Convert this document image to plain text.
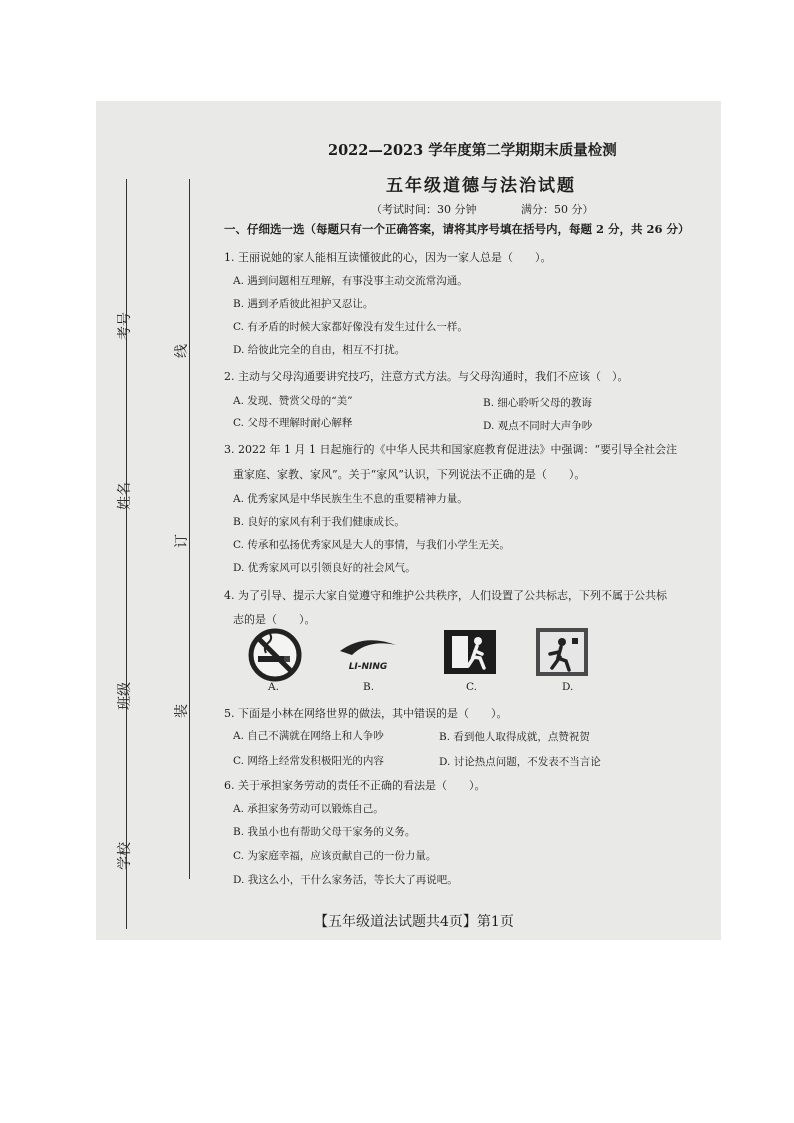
考号
姓名
班级
学校
线
订
装
2022—2023 学年度第二学期期末质量检测
五年级道德与法治试题
（考试时间：30 分钟	满分：50 分）
一、仔细选一选（每题只有一个正确答案，请将其序号填在括号内，每题 2 分，共 26 分）
1. 王丽说她的家人能相互读懂彼此的心，因为一家人总是（　　）。
A. 遇到问题相互理解，有事没事主动交流常沟通。
B. 遇到矛盾彼此袒护又忍让。
C. 有矛盾的时候大家都好像没有发生过什么一样。
D. 给彼此完全的自由，相互不打扰。
2. 主动与父母沟通要讲究技巧，注意方式方法。与父母沟通时，我们不应该（　）。
A. 发现、赞赏父母的“美”	B. 细心聆听父母的教诲
C. 父母不理解时耐心解释	D. 观点不同时大声争吵
3. 2022 年 1 月 1 日起施行的《中华人民共和国家庭教育促进法》中强调：“要引导全社会注
重家庭、家教、家风”。关于“家风”认识，下列说法不正确的是（　　）。
A. 优秀家风是中华民族生生不息的重要精神力量。
B. 良好的家风有利于我们健康成长。
C. 传承和弘扬优秀家风是大人的事情，与我们小学生无关。
D. 优秀家风可以引领良好的社会风气。
4. 为了引导、提示大家自觉遵守和维护公共秩序，人们设置了公共标志，下列不属于公共标
志的是（　　）。
A.
LI-NING
B.	C.	D.
5. 下面是小林在网络世界的做法，其中错误的是（　　）。
A. 自己不满就在网络上和人争吵	B. 看到他人取得成就，点赞祝贺
C. 网络上经常发积极阳光的内容	D. 讨论热点问题，不发表不当言论
6. 关于承担家务劳动的责任不正确的看法是（　　）。
A. 承担家务劳动可以锻炼自己。
B. 我虽小也有帮助父母干家务的义务。
C. 为家庭幸福，应该贡献自己的一份力量。
D. 我这么小，干什么家务活，等长大了再说吧。
【五年级道法试题共4页】第1页
